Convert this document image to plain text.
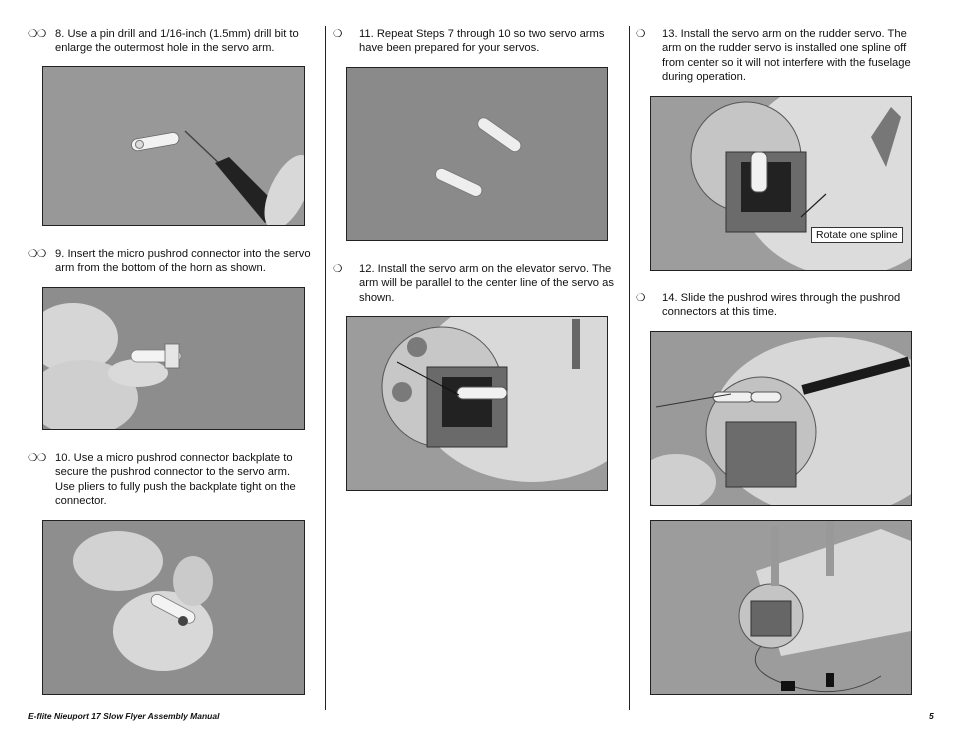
❍❍ 8. Use a pin drill and 1/16-inch (1.5mm) drill bit to enlarge the outermost hole in the servo arm.
❍❍ 9. Insert the micro pushrod connector into the servo arm from the bottom of the horn as shown.
❍❍ 10. Use a micro pushrod connector backplate to secure the pushrod connector to the servo arm. Use pliers to fully push the backplate tight on the connector.
❍ 11. Repeat Steps 7 through 10 so two servo arms have been prepared for your servos.
❍ 12. Install the servo arm on the elevator servo. The arm will be parallel to the center line of the servo as shown.
❍ 13. Install the servo arm on the rudder servo. The arm on the rudder servo is installed one spline off from center so it will not interfere with the fuselage during operation.
Rotate one spline
❍ 14. Slide the pushrod wires through the pushrod connectors at this time.
E-flite Nieuport 17 Slow Flyer Assembly Manual	5
